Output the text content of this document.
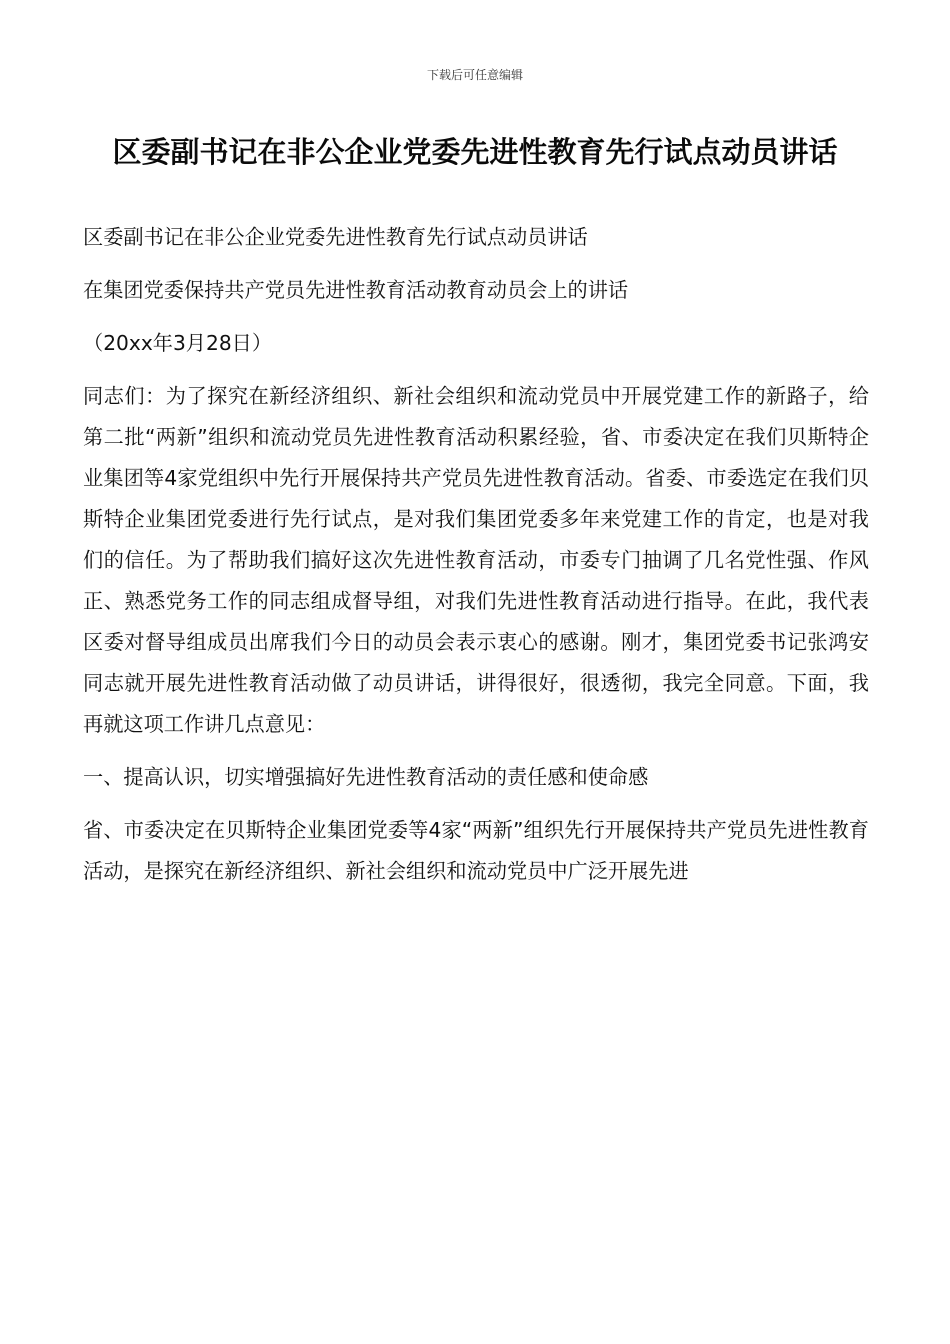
下载后可任意编辑
区委副书记在非公企业党委先进性教育先行试点动员讲话

区委副书记在非公企业党委先进性教育先行试点动员讲话

在集团党委保持共产党员先进性教育活动教育动员会上的讲话

（20xx年3月28日）

同志们：为了探究在新经济组织、新社会组织和流动党员中开展党建工作的新路子，给第二批“两新”组织和流动党员先进性教育活动积累经验，省、市委决定在我们贝斯特企业集团等4家党组织中先行开展保持共产党员先进性教育活动。省委、市委选定在我们贝斯特企业集团党委进行先行试点，是对我们集团党委多年来党建工作的肯定，也是对我们的信任。为了帮助我们搞好这次先进性教育活动，市委专门抽调了几名党性强、作风正、熟悉党务工作的同志组成督导组，对我们先进性教育活动进行指导。在此，我代表区委对督导组成员出席我们今日的动员会表示衷心的感谢。刚才，集团党委书记张鸿安同志就开展先进性教育活动做了动员讲话，讲得很好，很透彻，我完全同意。下面，我再就这项工作讲几点意见：

一、提高认识，切实增强搞好先进性教育活动的责任感和使命感

省、市委决定在贝斯特企业集团党委等4家“两新”组织先行开展保持共产党员先进性教育活动，是探究在新经济组织、新社会组织和流动党员中广泛开展先进
